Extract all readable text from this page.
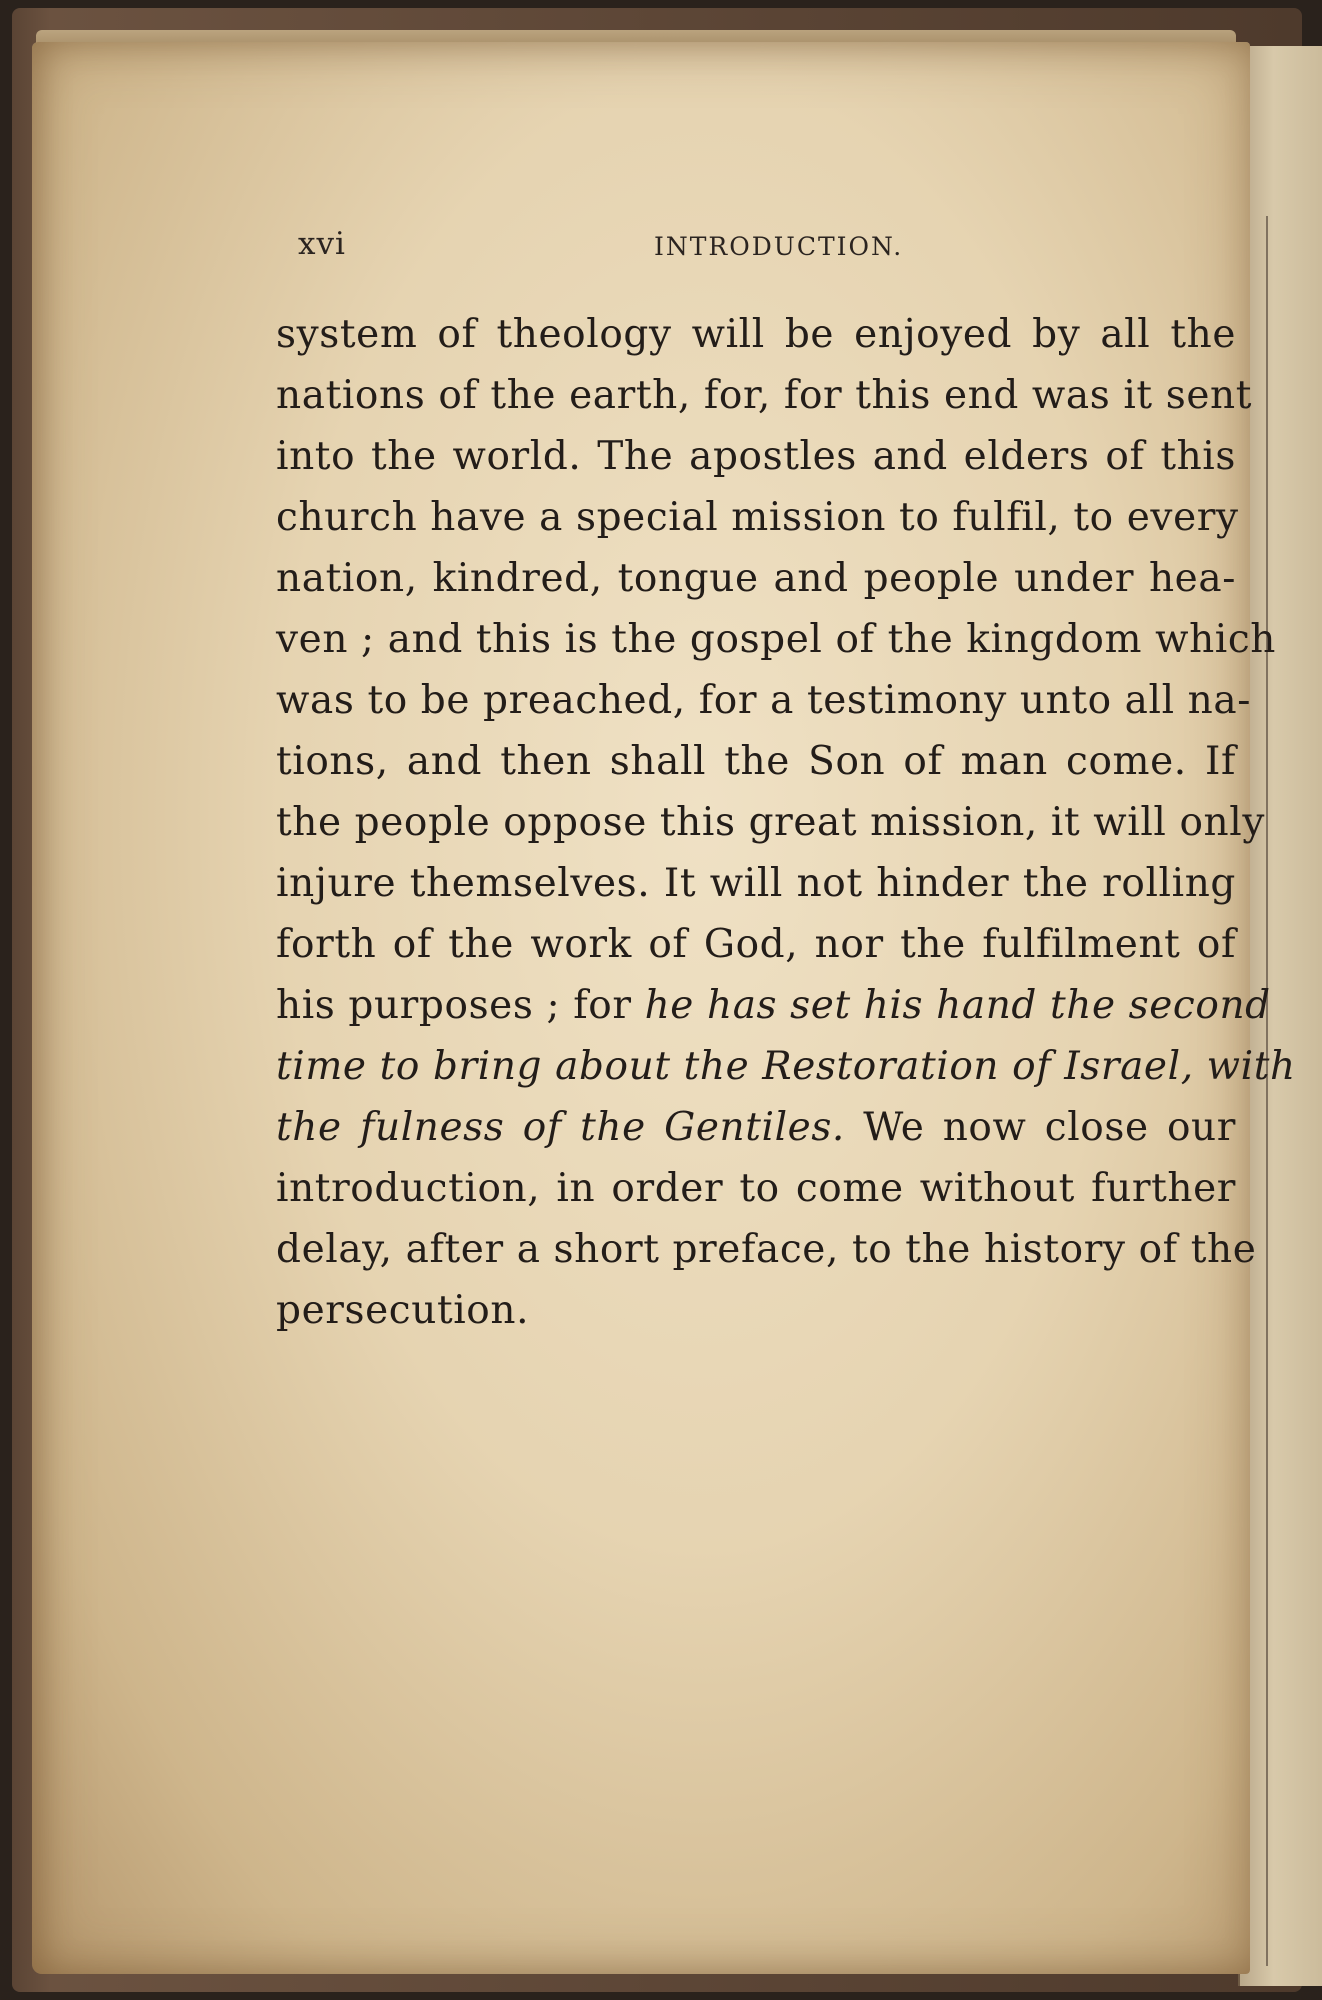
xvi	INTRODUCTION.
system of theology will be enjoyed by all the
nations of the earth, for, for this end was it sent
into the world. The apostles and elders of this
church have a special mission to fulfil, to every
nation, kindred, tongue and people under hea-
ven ; and this is the gospel of the kingdom which
was to be preached, for a testimony unto all na-
tions, and then shall the Son of man come. If
the people oppose this great mission, it will only
injure themselves. It will not hinder the rolling
forth of the work of God, nor the fulfilment of
his purposes ; for he has set his hand the second
time to bring about the Restoration of Israel, with
the fulness of the Gentiles. We now close our
introduction, in order to come without further
delay, after a short preface, to the history of the
persecution.
